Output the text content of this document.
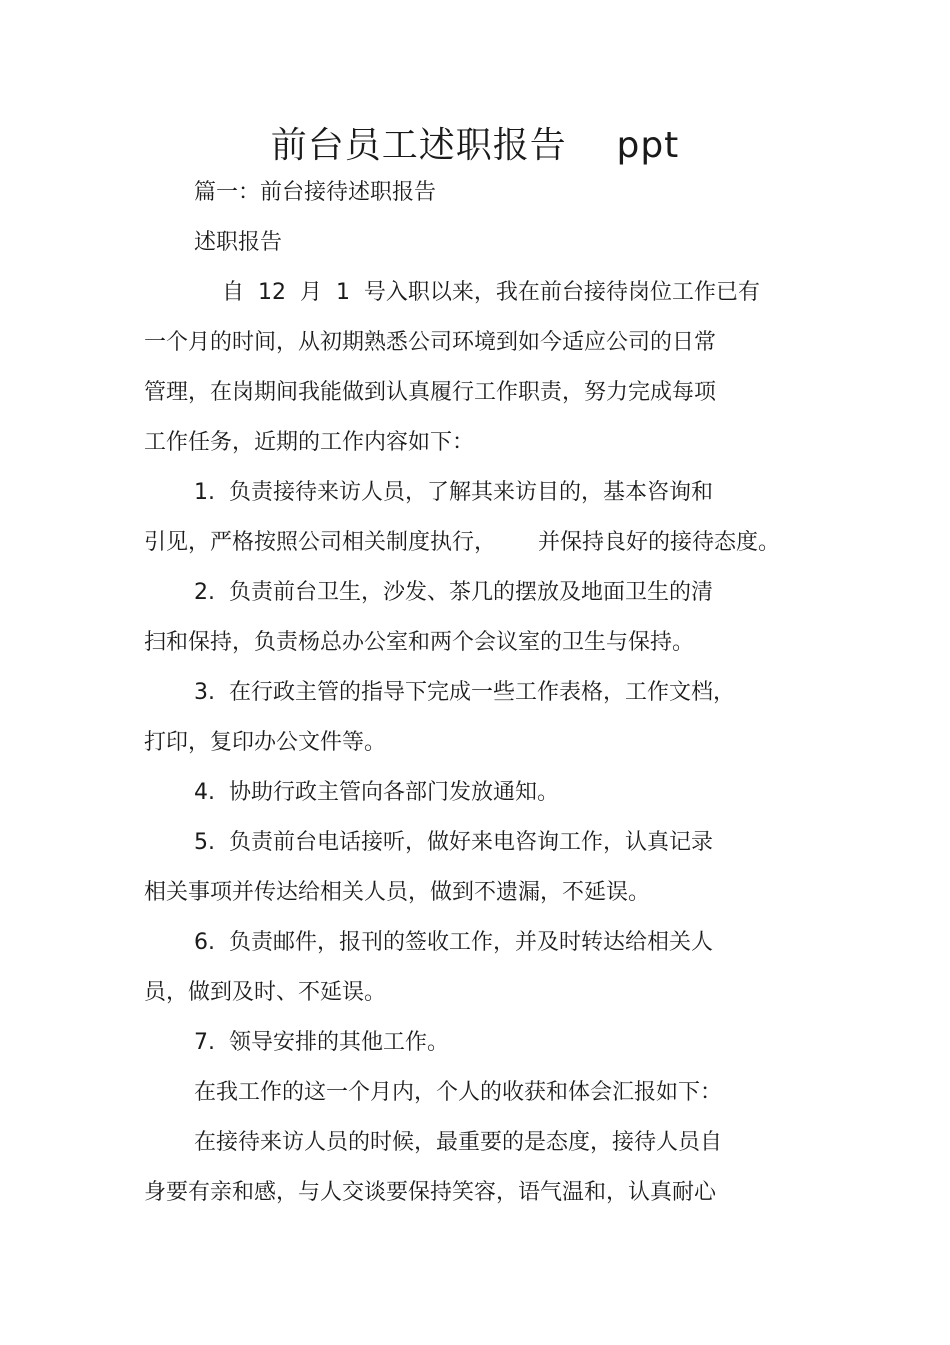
前台员工述职报告    ppt
篇一：前台接待述职报告
述职报告
自  12  月  1  号入职以来，我在前台接待岗位工作已有
一个月的时间，从初期熟悉公司环境到如今适应公司的日常
管理，在岗期间我能做到认真履行工作职责，努力完成每项
工作任务，近期的工作内容如下：
1.  负责接待来访人员，了解其来访目的，基本咨询和
引见，严格按照公司相关制度执行，      并保持良好的接待态度。
2.  负责前台卫生，沙发、茶几的摆放及地面卫生的清
扫和保持，负责杨总办公室和两个会议室的卫生与保持。
3.  在行政主管的指导下完成一些工作表格，工作文档，
打印，复印办公文件等。
4.  协助行政主管向各部门发放通知。
5.  负责前台电话接听，做好来电咨询工作，认真记录
相关事项并传达给相关人员，做到不遗漏，不延误。
6.  负责邮件，报刊的签收工作，并及时转达给相关人
员，做到及时、不延误。
7.  领导安排的其他工作。
在我工作的这一个月内，个人的收获和体会汇报如下：
在接待来访人员的时候，最重要的是态度，接待人员自
身要有亲和感，与人交谈要保持笑容，语气温和，认真耐心
